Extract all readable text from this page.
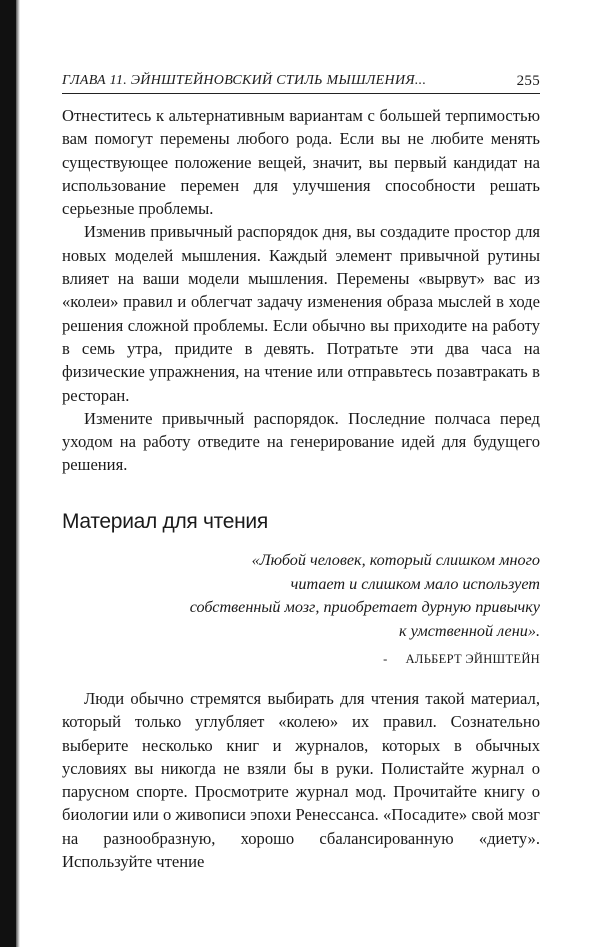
ГЛАВА 11. ЭЙНШТЕЙНОВСКИЙ СТИЛЬ МЫШЛЕНИЯ...	255

Отнеститесь к альтернативным вариантам с большей терпимостью вам помогут перемены любого рода. Если вы не любите менять существующее положение вещей, значит, вы первый кандидат на использование перемен для улучшения способности решать серьезные проблемы.

Изменив привычный распорядок дня, вы создадите простор для новых моделей мышления. Каждый элемент привычной рутины влияет на ваши модели мышления. Перемены «вырвут» вас из «колеи» правил и облегчат задачу изменения образа мыслей в ходе решения сложной проблемы. Если обычно вы приходите на работу в семь утра, придите в девять. Потратьте эти два часа на физические упражнения, на чтение или отправьтесь позавтракать в ресторан.

Измените привычный распорядок. Последние полчаса перед уходом на работу отведите на генерирование идей для будущего решения.

Материал для чтения
«Любой человек, который слишком много
читает и слишком мало использует
собственный мозг, приобретает дурную привычку
к умственной лени».
- АЛЬБЕРТ ЭЙНШТЕЙН

Люди обычно стремятся выбирать для чтения такой материал, который только углубляет «колею» их правил. Сознательно выберите несколько книг и журналов, которых в обычных условиях вы никогда не взяли бы в руки. Полистайте журнал о парусном спорте. Просмотрите журнал мод. Прочитайте книгу о биологии или о живописи эпохи Ренессанса. «Посадите» свой мозг на разнообразную, хорошо сбалансированную «диету». Используйте чтение
